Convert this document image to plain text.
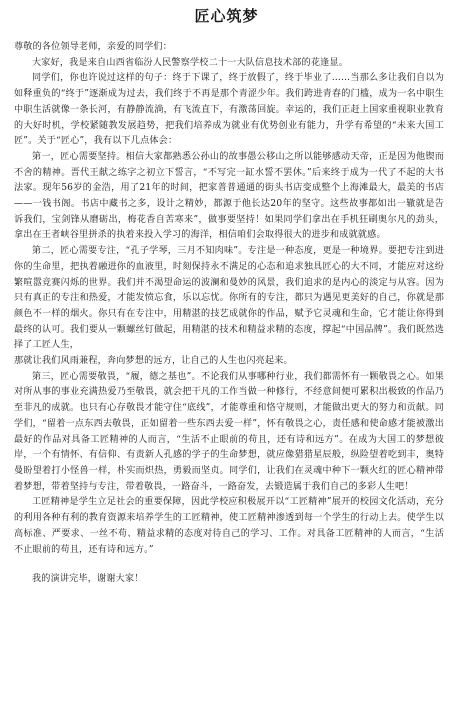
匠心筑梦

尊敬的各位领导老师，亲爱的同学们：

大家好，我是来自山西省临汾人民警察学校二十一大队信息技术部的花逢显。

同学们，你也许说过这样的句子：终于下课了，终于放假了，终于毕业了……当那么多让我们自以为如释重负的“终于”逐渐成为过去，我们终于不再是那个青涩少年。我们跨进青春的门槛，成为一名中职生中职生活就像一条长河，有静静流淌，有飞流直下，有激荡回旋。幸运的，我们正赶上国家重视职业教育的大好时机，学校紧随教发展趋势，把我们培养成为就业有优势创业有能力，升学有希望的“未来大国工匠”。关于“匠心”，我有以下几点体会：

第一，匠心需要坚持。相信大家都熟悉公孙山的故事愚公移山之所以能够感动天帝，正是因为他锲而不舍的精神。晋代王献之练字之初立下誓言，“不写完一缸水誓不罢休。”后来终于成为一代了不起的大书法家。现年56岁的金浩，用了21年的时间，把家普普通通的街头书店变成整个上海滩最大，最美的书店——一钱书阁。书店中藏书之多，设计之精妙，都源于他长达20年的坚守。这些故事都如出一辙就是告诉我们，宝剑锋从磨砺出，梅花香自苦寒来”，做事要坚持！如果同学们拿出在手机狂刷奥尔凡的劲头，拿出在王者峡谷里拼杀的执着来投入学习的海洋，相信咱们会取得很大的进步和成就就感。

第二，匠心需要专注，“孔子学琴，三月不知肉味”。专注是一种态度，更是一种境界。要把专注到进你的生命里，把执着融进你的血液里，时刻保持永不满足的心态和追求独具匠心的大不同，才能应对这纷繁喧嚣竞赛闪烁的世界。我们并不渴望命运的波澜和曼妙的风景，我们追求的是内心的淡定与从容。因为只有真正的专注和热爱，才能发愤忘食，乐以忘忧。你所有的专注，都只为遇见更美好的自己，你就是那颜色不一样的烟火。你只有在专注中，用精湛的技艺成就你的作品，赋予它灵魂和生命，它才能让你得到最终的认可。我们要从一颗螺丝钉做起，用精湛的技术和精益求精的态度，撑起“中国品牌”。我们既然选择了工匠人生，

那就让我们风雨兼程，奔向梦想的远方，让自己的人生也闪亮起来。

第三，匠心需要敬畏，“履，德之基也”。不论我们从事哪种行业，我们都需怀有一颗敬畏之心。如果对所从事的事业充满热爱乃至敬畏，就会把干凡的工作当做一种修行，不经意间便可累积出极致的作品乃至非凡的成就。也只有心存敬畏才能守住“底线”，才能尊重和恪守规则，才能做出更大的努力和贡献。同学们，“留着一点东西去敬畏，正如留着一些东西去爱一样”，怀有敬畏之心，责任感和使命感才能被激出最好的作品对具备工匠精神的人而言，“生活不止眼前的苟且，还有诗和远方”。在成为大国工的梦想彼岸，一个有情怀、有信仰、有责新人孔感的学子的生命梦想，就应像猎猎星辰般，纵险望着吃到丰，奥特曼盼望着打小怪兽一样，朴实而炽热，勇毅而坚贞。同学们，让我们在灵魂中种下一颗火红的匠心精神带着梦想，带着坚持与专注，带着敬畏，一路奋斗，一路奋发，去锻造属于我们自己的多彩人生吧！

工匠精神是学生立足社会的重要保障，因此学校应积极展开以“工匠精神”展开的校园文化活动，充分的利用各种有利的教育资源来培养学生的工匠精神，使工匠精神渗透到每一个学生的行动上去。使学生以高标准、严要求、一丝不苟、精益求精的态度对待自己的学习、工作。对具备工匠精神的人而言，“生活不止眼前的苟且，还有诗和远方。”

我的演讲完毕，谢谢大家！
